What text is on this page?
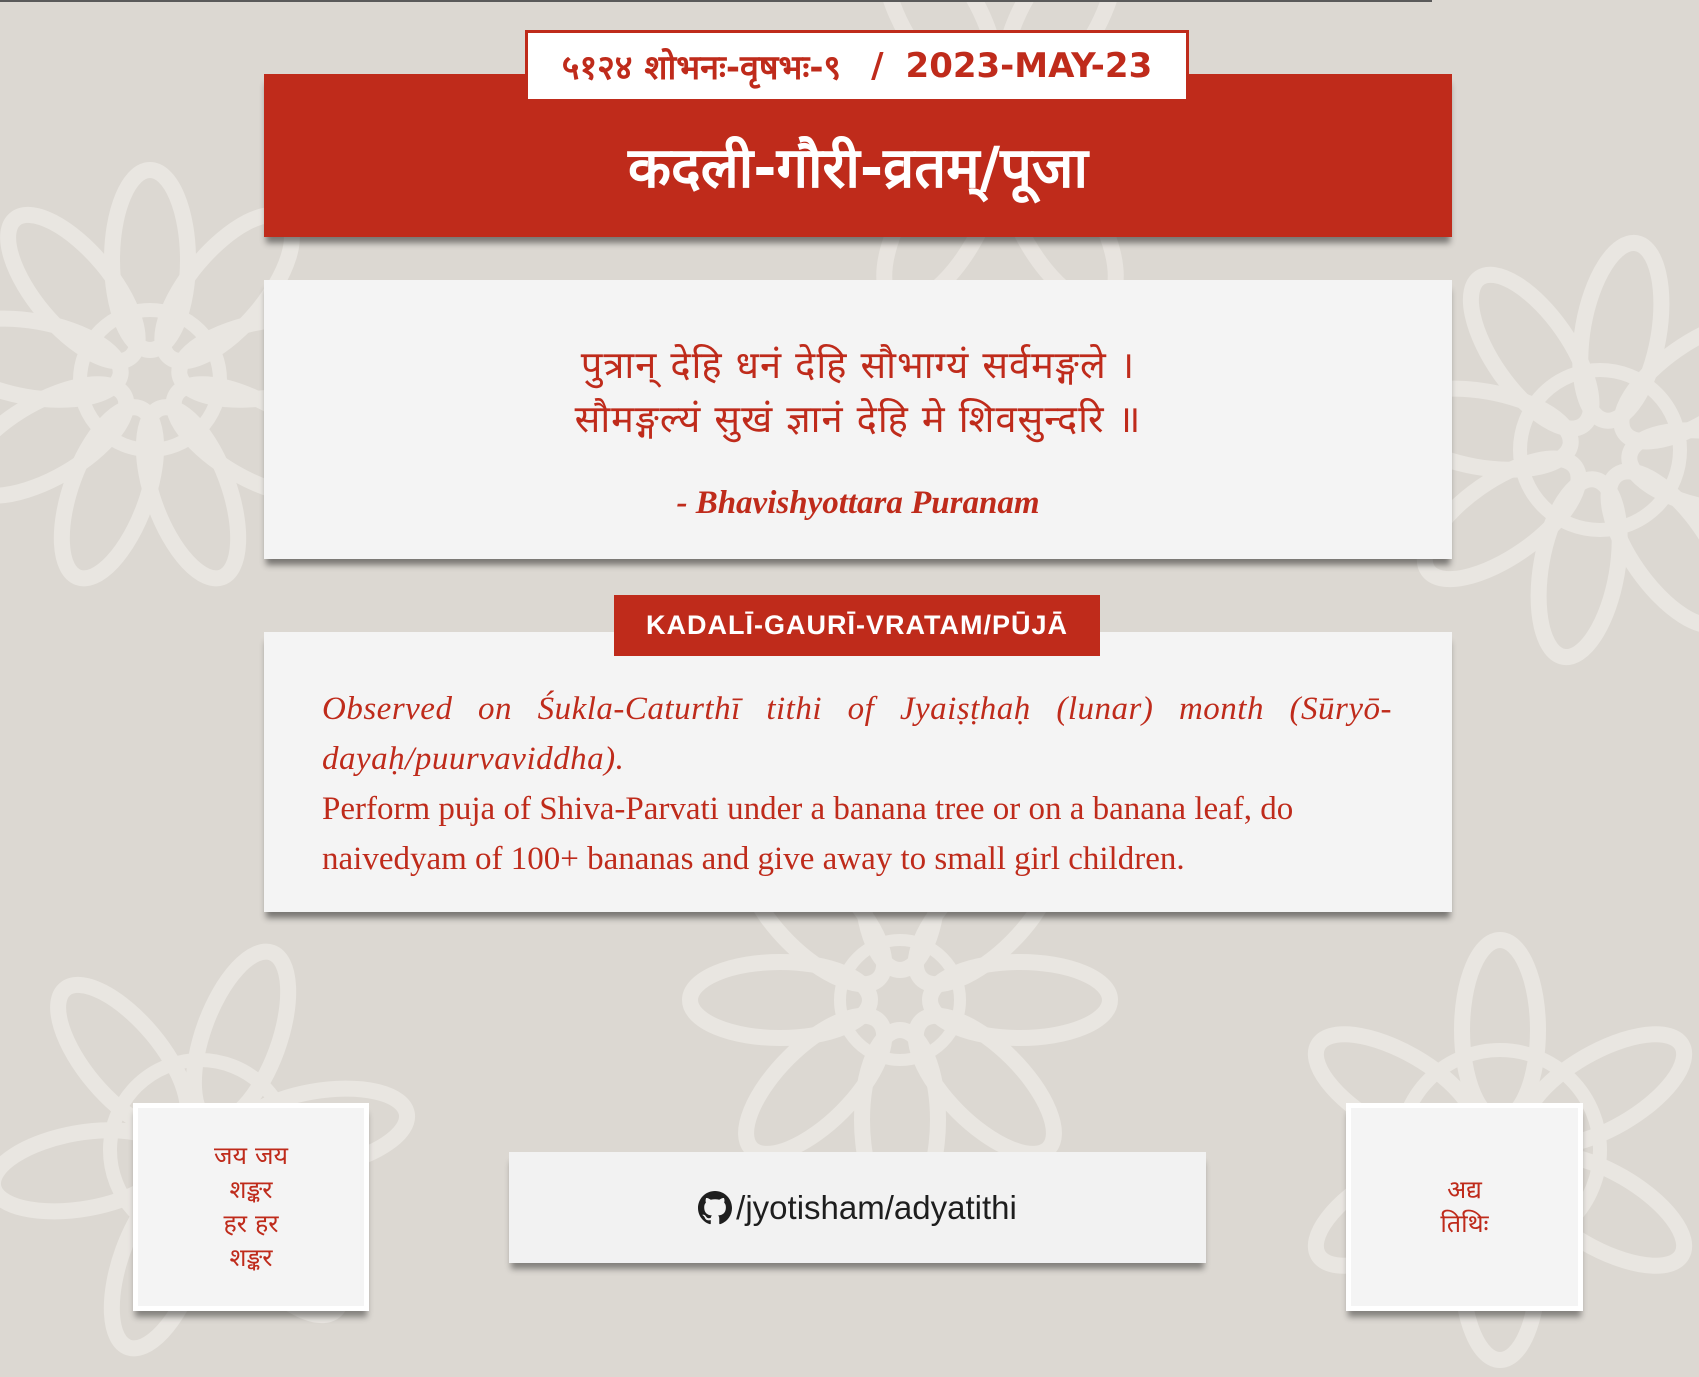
५१२४ शोभनः-वृषभः-९ / 2023-MAY-23
कदली-गौरी-व्रतम्/पूजा
पुत्रान् देहि धनं देहि सौभाग्यं सर्वमङ्गले ।
सौमङ्गल्यं सुखं ज्ञानं देहि मे शिवसुन्दरि ॥
- Bhavishyottara Puranam
Observed on Śukla-Caturthī tithi of Jyaiṣṭhaḥ (lunar) month (Sūryō-dayaḥ/puurvaviddha).
Perform puja of Shiva-Parvati under a banana tree or on a banana leaf, do naivedyam of 100+ bananas and give away to small girl children.
KADALĪ-GAURĪ-VRATAM/PŪJĀ
जय जय
शङ्कर
हर हर
शङ्कर
/jyotisham/adyatithi	अद्य
तिथिः
